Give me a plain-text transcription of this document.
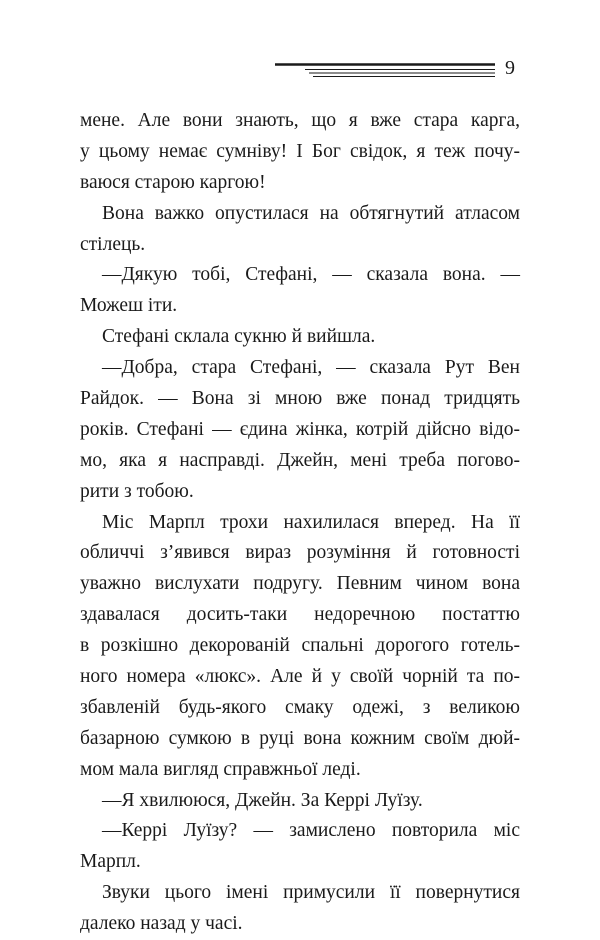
9
мене. Але вони знають, що я вже стара карга,
у цьому немає сумніву! І Бог свідок, я теж почу-
ваюся старою каргою!
Вона важко опустилася на обтягнутий атласом
стілець.
—Дякую тобі, Стефані, — сказала вона. —
Можеш іти.
Стефані склала сукню й вийшла.
—Добра, стара Стефані, — сказала Рут Вен
Райдок. — Вона зі мною вже понад тридцять
років. Стефані — єдина жінка, котрій дійсно відо-
мо, яка я насправді. Джейн, мені треба погово-
рити з тобою.
Міс Марпл трохи нахилилася вперед. На її
обличчі з’явився вираз розуміння й готовності
уважно вислухати подругу. Певним чином вона
здавалася досить-таки недоречною постаттю
в розкішно декорованій спальні дорогого готель-
ного номера «люкс». Але й у своїй чорній та по-
збавленій будь-якого смаку одежі, з великою
базарною сумкою в руці вона кожним своїм дюй-
мом мала вигляд справжньої леді.
—Я хвилююся, Джейн. За Керрі Луїзу.
—Керрі Луїзу? — замислено повторила міс
Марпл.
Звуки цього імені примусили її повернутися
далеко назад у часі.
